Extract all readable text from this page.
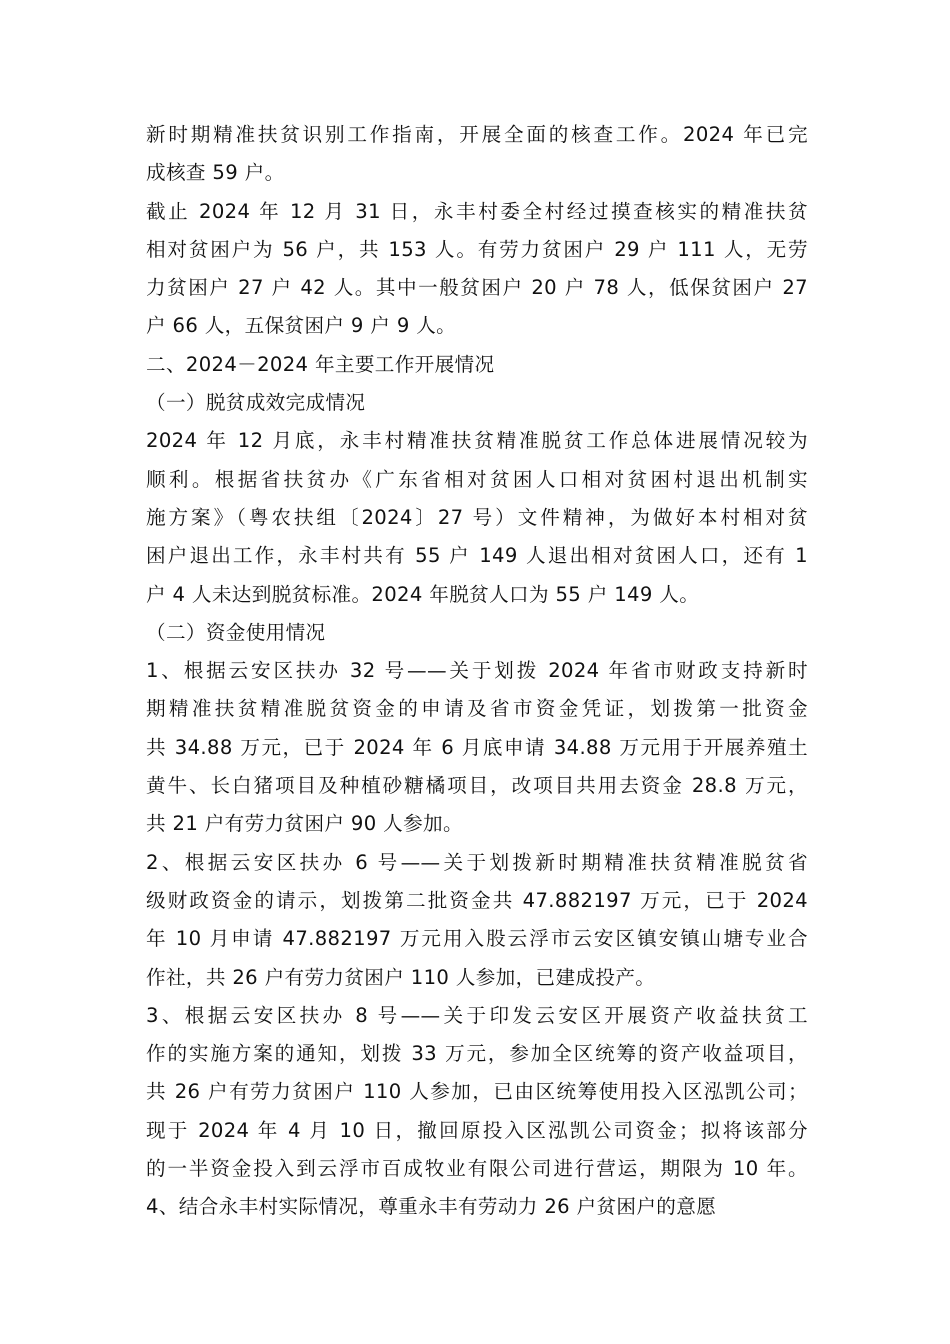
新时期精准扶贫识别工作指南，开展全面的核查工作。2024 年已完
成核查 59 户。
截止 2024 年 12 月 31 日，永丰村委全村经过摸查核实的精准扶贫
相对贫困户为 56 户，共 153 人。有劳力贫困户 29 户 111 人，无劳
力贫困户 27 户 42 人。其中一般贫困户 20 户 78 人，低保贫困户 27
户 66 人，五保贫困户 9 户 9 人。
二、2024－2024 年主要工作开展情况
（一）脱贫成效完成情况
2024 年 12 月底，永丰村精准扶贫精准脱贫工作总体进展情况较为
顺利。根据省扶贫办《广东省相对贫困人口相对贫困村退出机制实
施方案》（粤农扶组〔2024〕27 号）文件精神，为做好本村相对贫
困户退出工作，永丰村共有 55 户 149 人退出相对贫困人口，还有 1
户 4 人未达到脱贫标准。2024 年脱贫人口为 55 户 149 人。
（二）资金使用情况
1、根据云安区扶办 32 号——关于划拨 2024 年省市财政支持新时
期精准扶贫精准脱贫资金的申请及省市资金凭证，划拨第一批资金
共 34.88 万元，已于 2024 年 6 月底申请 34.88 万元用于开展养殖土
黄牛、长白猪项目及种植砂糖橘项目，改项目共用去资金 28.8 万元，
共 21 户有劳力贫困户 90 人参加。
2、根据云安区扶办 6 号——关于划拨新时期精准扶贫精准脱贫省
级财政资金的请示，划拨第二批资金共 47.882197 万元，已于 2024
年 10 月申请 47.882197 万元用入股云浮市云安区镇安镇山塘专业合
作社，共 26 户有劳力贫困户 110 人参加，已建成投产。
3、根据云安区扶办 8 号——关于印发云安区开展资产收益扶贫工
作的实施方案的通知，划拨 33 万元，参加全区统筹的资产收益项目，
共 26 户有劳力贫困户 110 人参加，已由区统筹使用投入区泓凯公司；
现于 2024 年 4 月 10 日，撤回原投入区泓凯公司资金；拟将该部分
的一半资金投入到云浮市百成牧业有限公司进行营运，期限为 10 年。
4、结合永丰村实际情况，尊重永丰有劳动力 26 户贫困户的意愿
